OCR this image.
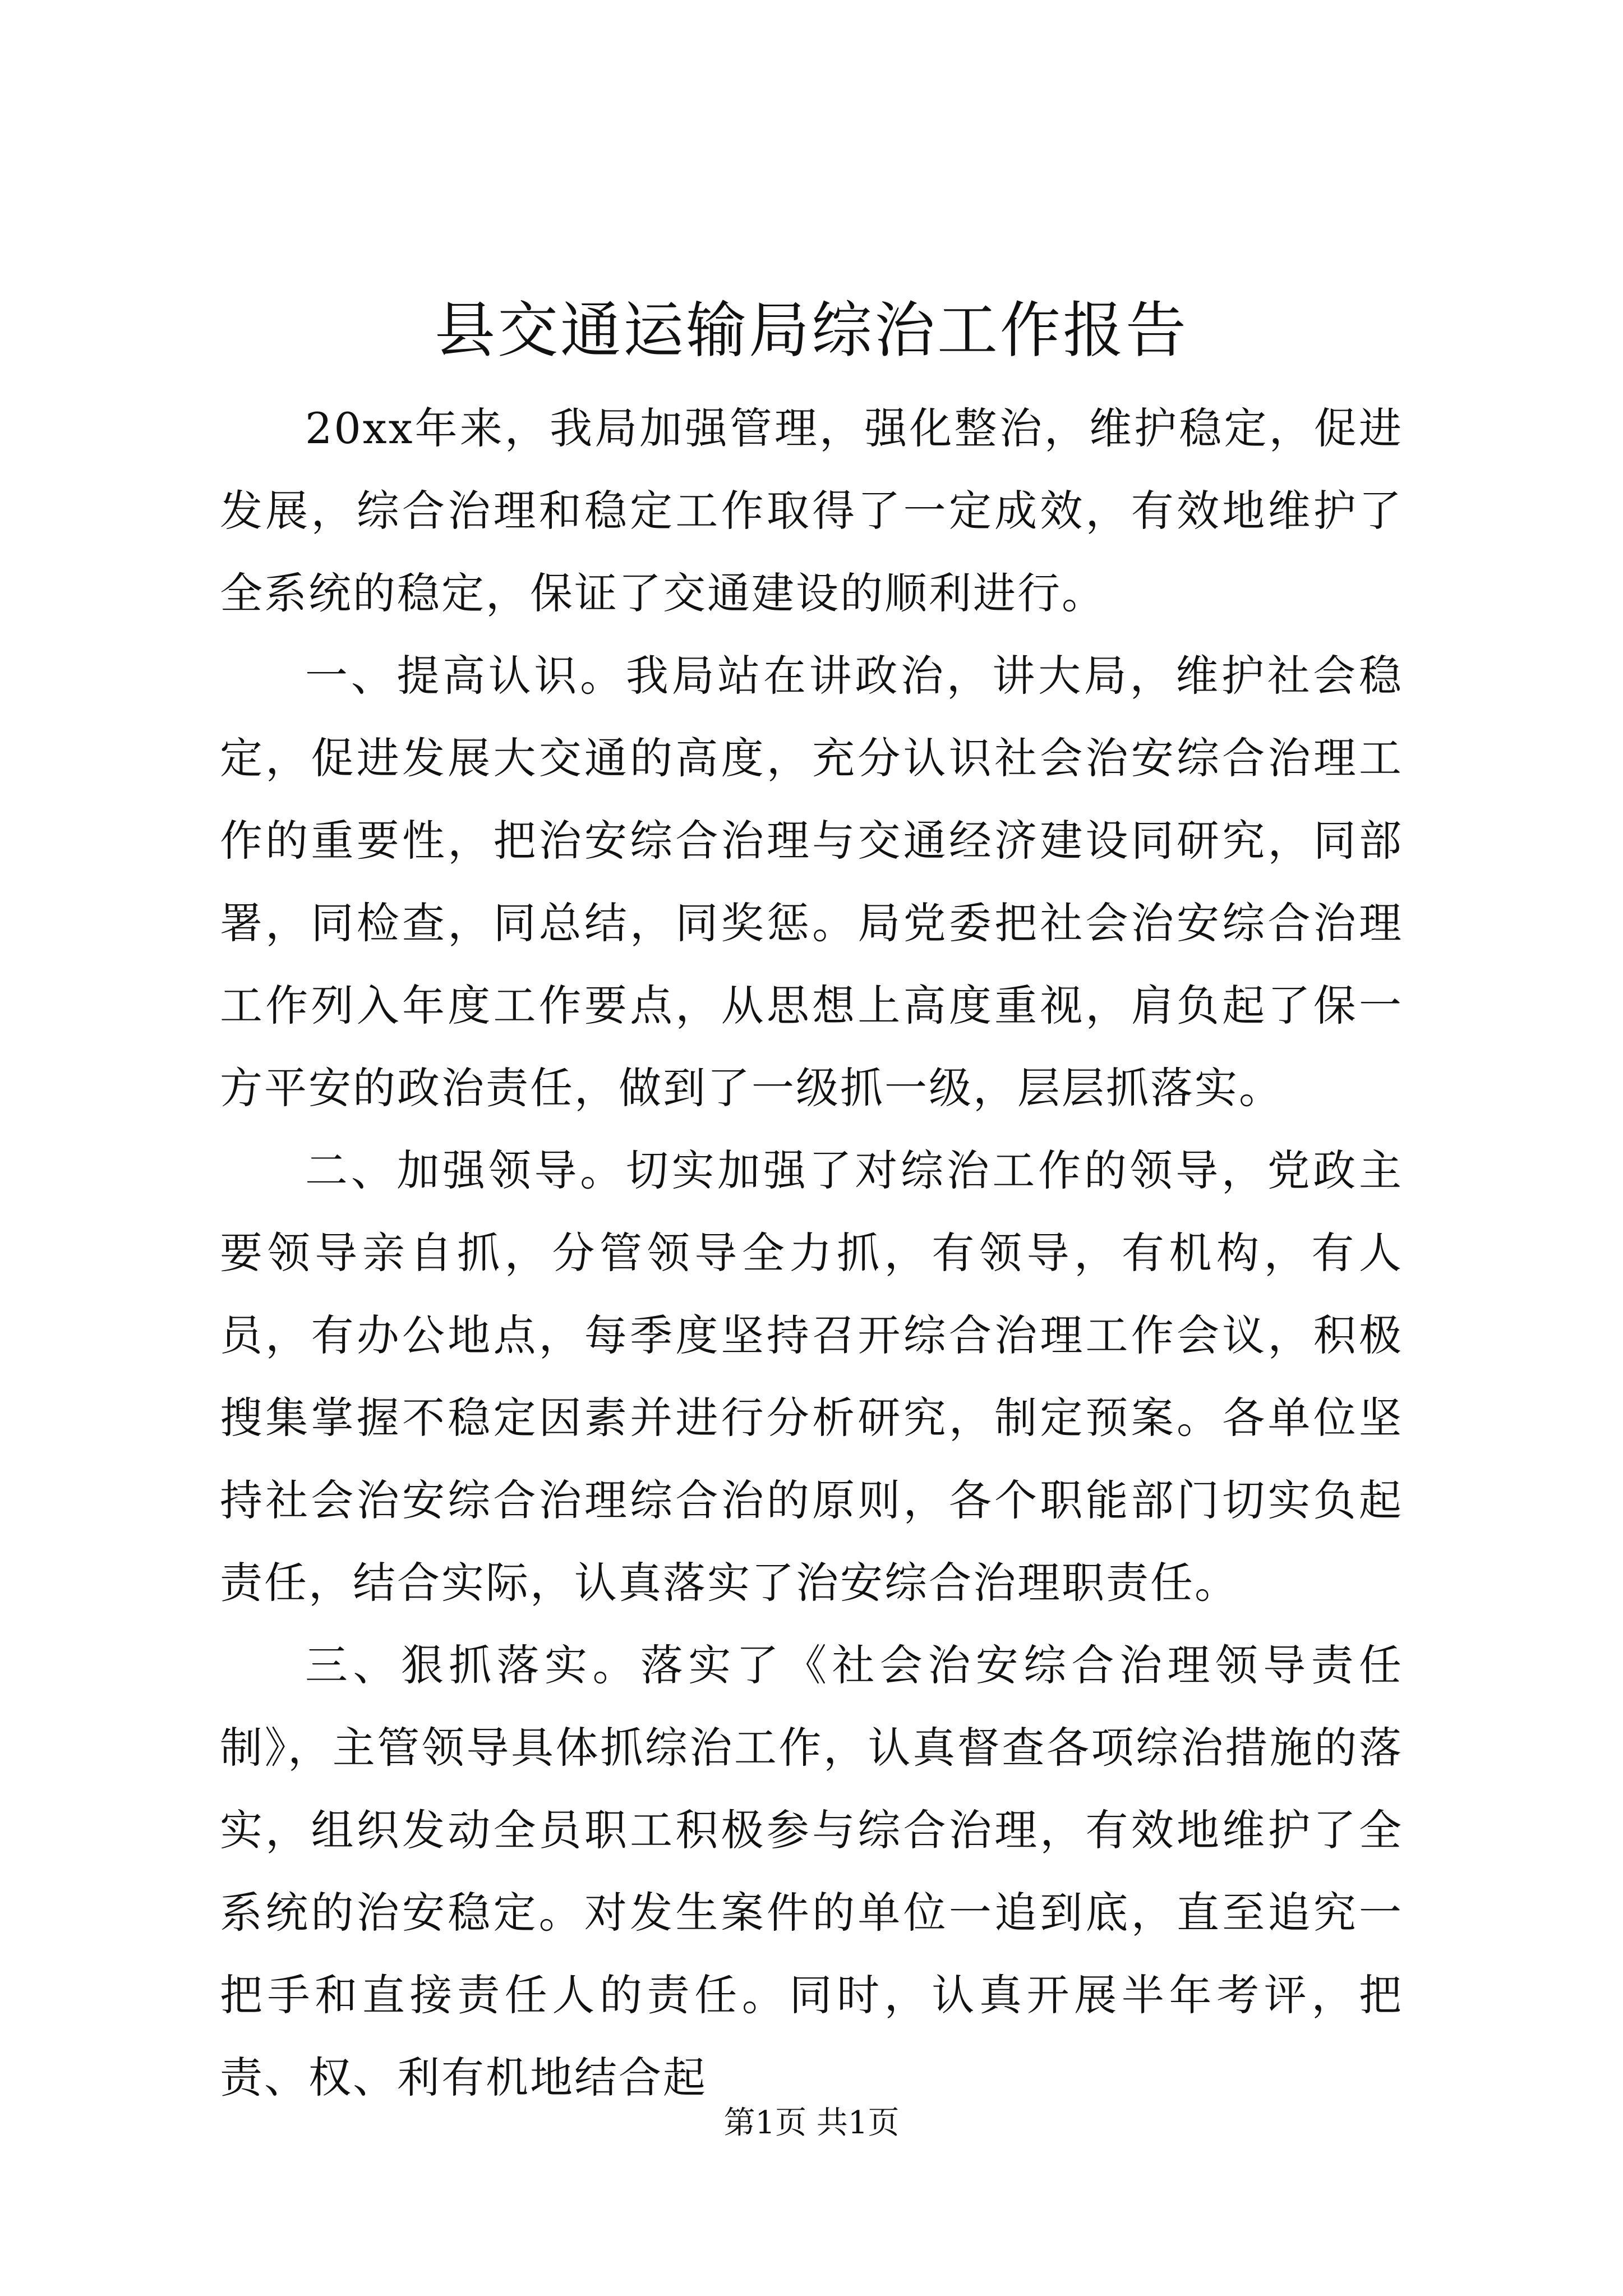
县交通运输局综治工作报告

20xx年来，我局加强管理，强化整治，维护稳定，促进发展，综合治理和稳定工作取得了一定成效，有效地维护了全系统的稳定，保证了交通建设的顺利进行。

一、提高认识。我局站在讲政治，讲大局，维护社会稳定，促进发展大交通的高度，充分认识社会治安综合治理工作的重要性，把治安综合治理与交通经济建设同研究，同部署，同检查，同总结，同奖惩。局党委把社会治安综合治理工作列入年度工作要点，从思想上高度重视，肩负起了保一方平安的政治责任，做到了一级抓一级，层层抓落实。

二、加强领导。切实加强了对综治工作的领导，党政主要领导亲自抓，分管领导全力抓，有领导，有机构，有人员，有办公地点，每季度坚持召开综合治理工作会议，积极搜集掌握不稳定因素并进行分析研究，制定预案。各单位坚持社会治安综合治理综合治的原则，各个职能部门切实负起责任，结合实际，认真落实了治安综合治理职责任。

三、狠抓落实。落实了《社会治安综合治理领导责任制》，主管领导具体抓综治工作，认真督查各项综治措施的落实，组织发动全员职工积极参与综合治理，有效地维护了全系统的治安稳定。对发生案件的单位一追到底，直至追究一把手和直接责任人的责任。同时，认真开展半年考评，把责、权、利有机地结合起

第1页 共1页
